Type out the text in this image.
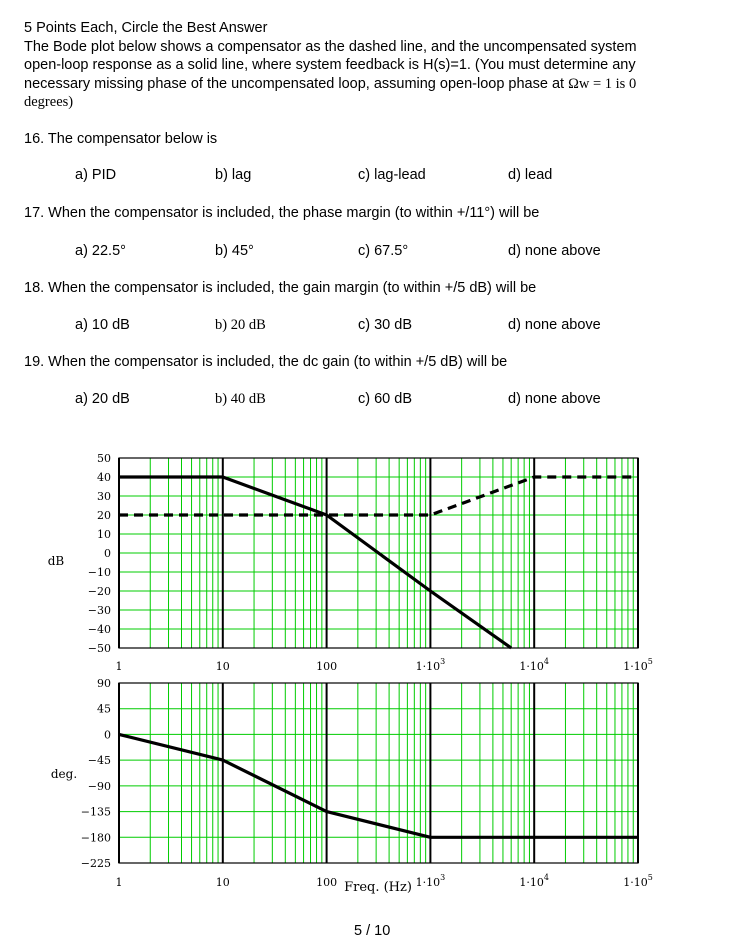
5 Points Each, Circle the Best Answer
The Bode plot below shows a compensator as the dashed line, and the uncompensated system
open-loop response as a solid line, where system feedback is H(s)=1. (You must determine any
necessary missing phase of the uncompensated loop, assuming open-loop phase at Ωw = 1 is 0
degrees)
16. The compensator below is
a) PID	b) lag	c) lag-lead	d) lead
17. When the compensator is included, the phase margin (to within +/11°) will be
a) 22.5°	b) 45°	c) 67.5°	d) none above
18. When the compensator is included, the gain margin (to within +/5 dB) will be
a) 10 dB	b) 20 dB	c) 30 dB	d) none above
19. When the compensator is included, the dc gain (to within +/5 dB) will be
a) 20 dB	b) 40 dB	c) 60 dB	d) none above
50
40
30
20
10
0
−10
−20
−30
−40
−50
1	10	100	$1\cdot 10^3$	$1\cdot 10^4$	$1\cdot 10^5$
dB
90
45
0
−45
−90
−135
−180
−225
1	10	100	$1\cdot 10^3$	$1\cdot 10^4$	$1\cdot 10^5$
deg.
Freq. (Hz)
5 / 10
